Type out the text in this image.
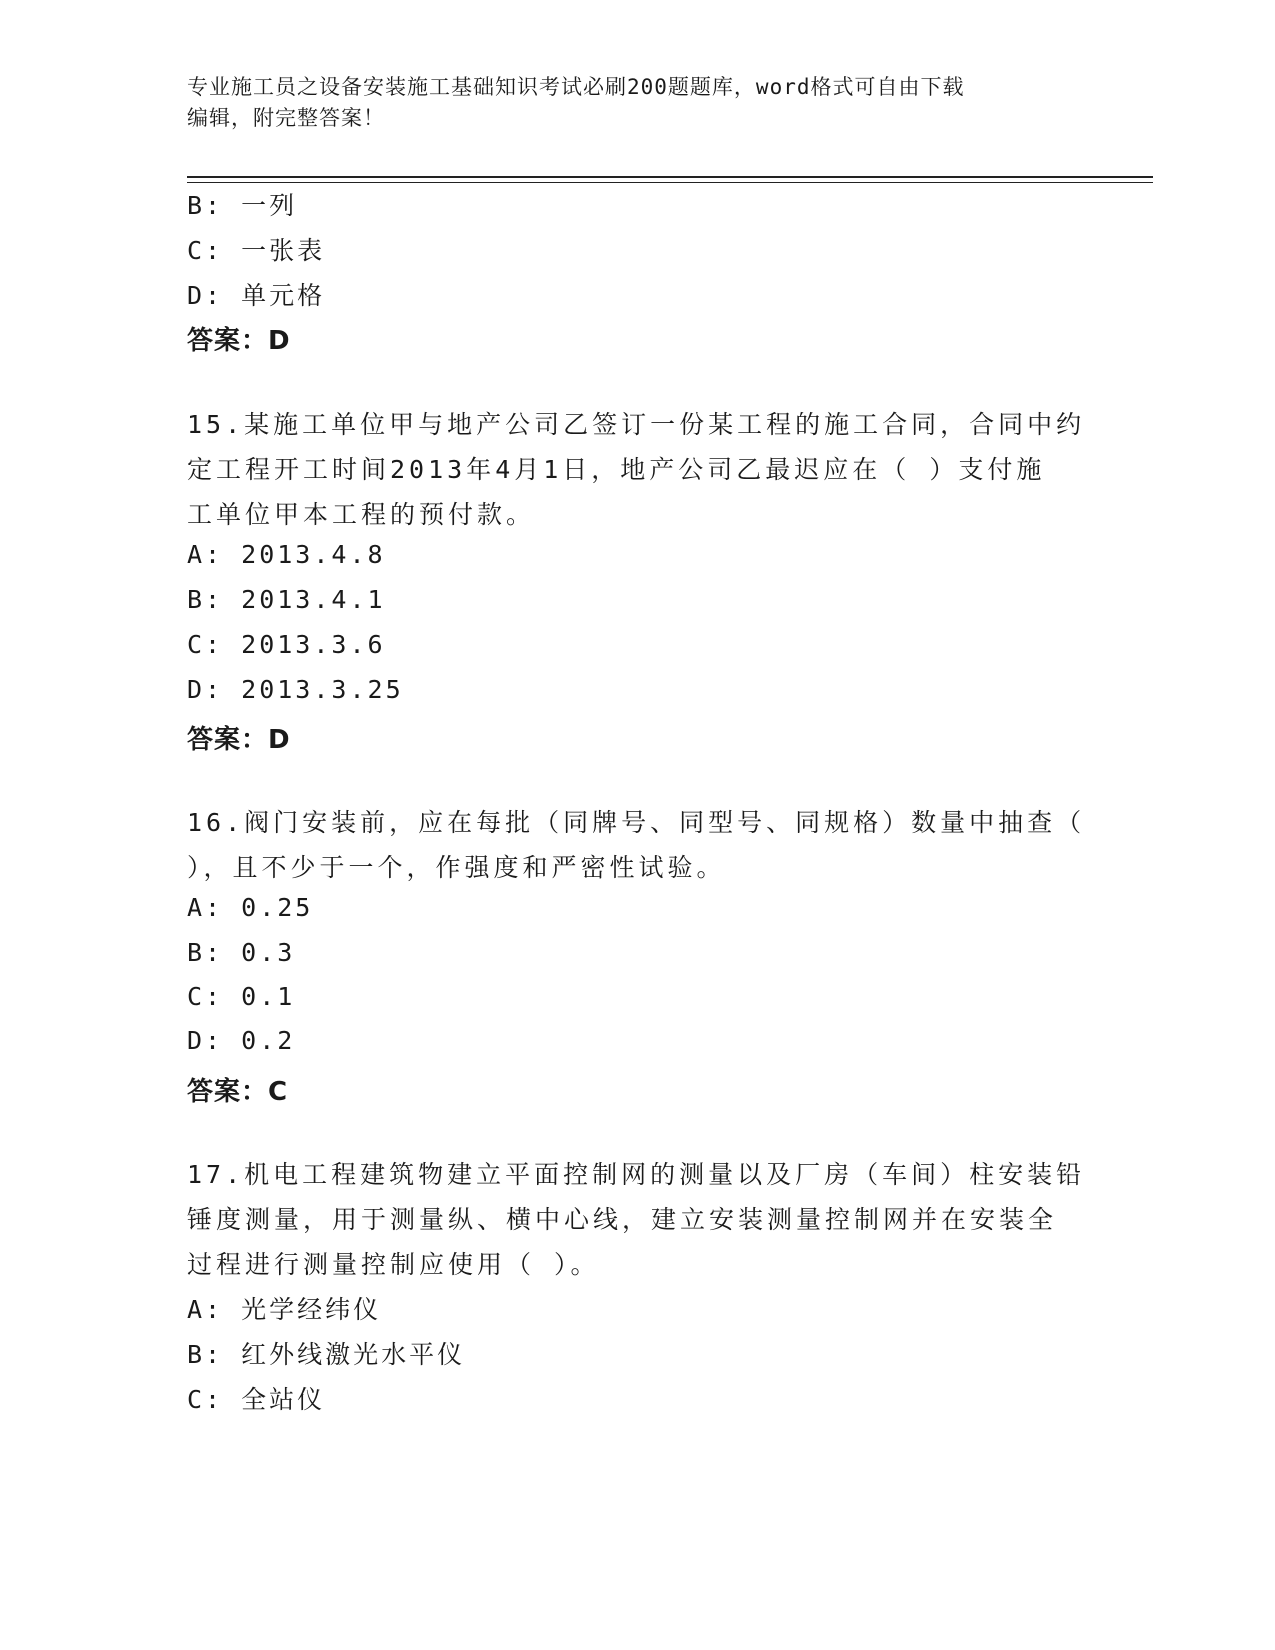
专业施工员之设备安装施工基础知识考试必刷200题题库，word格式可自由下载
编辑，附完整答案！
B: 一列
C: 一张表
D: 单元格
答案：D
15.某施工单位甲与地产公司乙签订一份某工程的施工合同，合同中约
定工程开工时间2013年4月1日，地产公司乙最迟应在（ ）支付施
工单位甲本工程的预付款。
A: 2013.4.8
B: 2013.4.1
C: 2013.3.6
D: 2013.3.25
答案：D
16.阀门安装前，应在每批（同牌号、同型号、同规格）数量中抽查（
），且不少于一个，作强度和严密性试验。
A: 0.25
B: 0.3
C: 0.1
D: 0.2
答案：C
17.机电工程建筑物建立平面控制网的测量以及厂房（车间）柱安装铅
锤度测量，用于测量纵、横中心线，建立安装测量控制网并在安装全
过程进行测量控制应使用（ ）。
A: 光学经纬仪
B: 红外线激光水平仪
C: 全站仪
